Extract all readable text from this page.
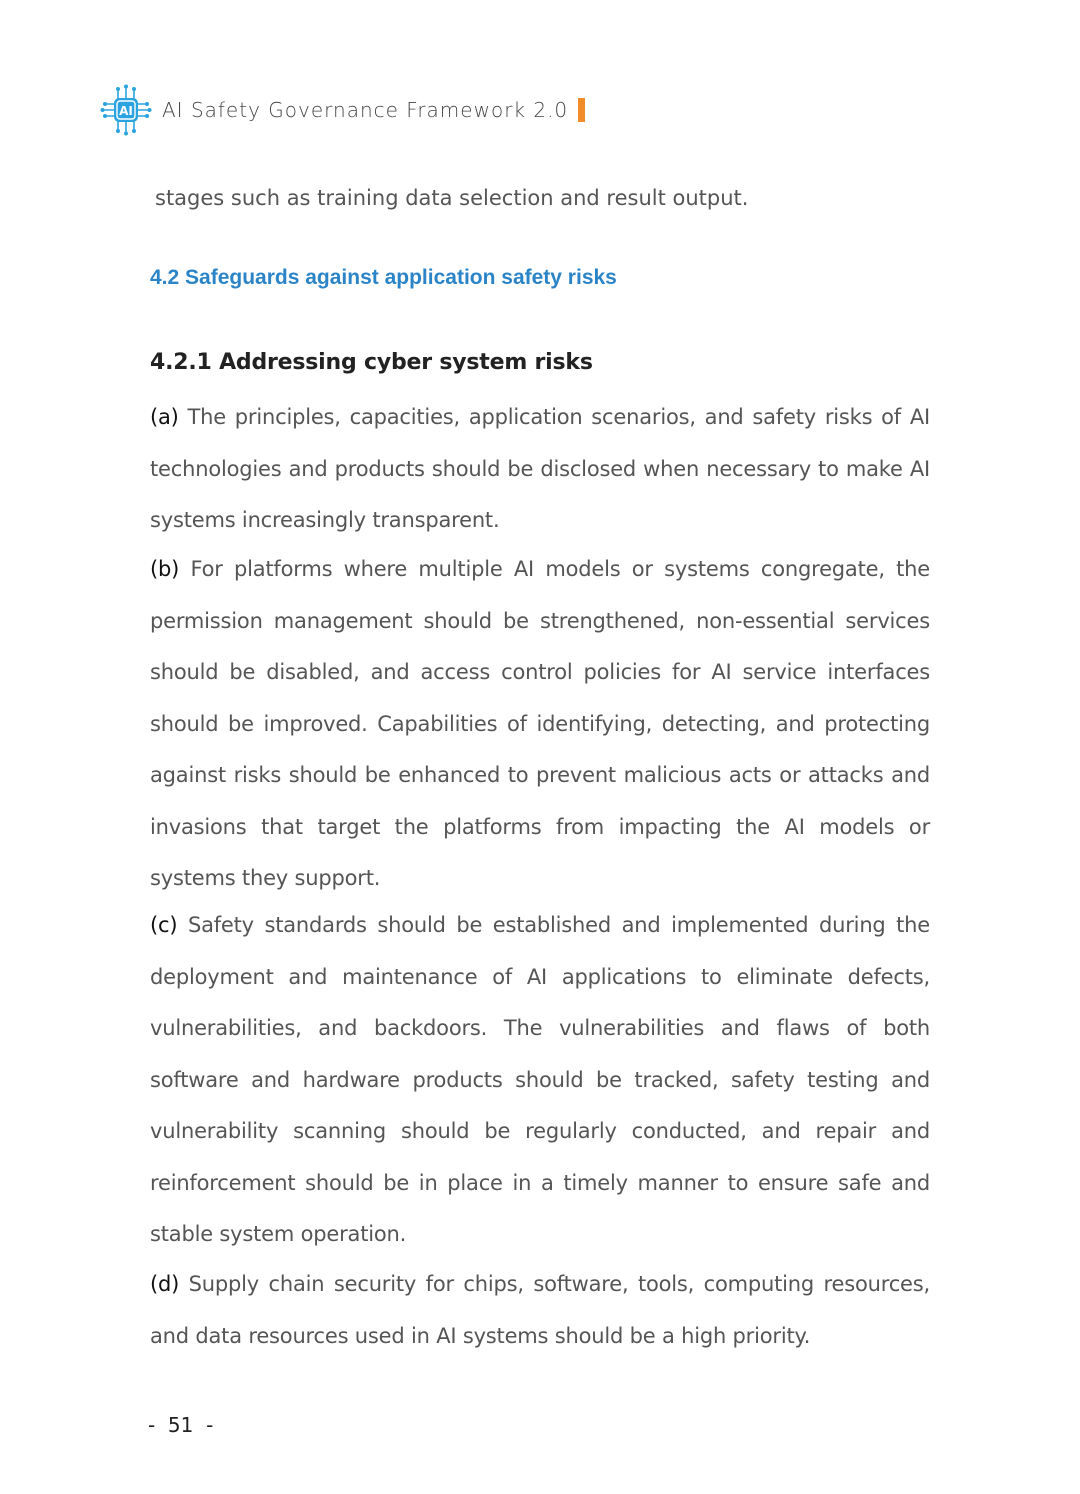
AI AI Safety Governance Framework 2.0
stages such as training data selection and result output.
4.2 Safeguards against application safety risks
4.2.1 Addressing cyber system risks
(a) The principles, capacities, application scenarios, and safety risks of AI technologies and products should be disclosed when necessary to make AI systems increasingly transparent.
(b) For platforms where multiple AI models or systems congregate, the permission management should be strengthened, non-essential services should be disabled, and access control policies for AI service interfaces should be improved. Capabilities of identifying, detecting, and protecting against risks should be enhanced to prevent malicious acts or attacks and invasions that target the platforms from impacting the AI models or systems they support.
(c) Safety standards should be established and implemented during the deployment and maintenance of AI applications to eliminate defects, vulnerabilities, and backdoors. The vulnerabilities and flaws of both software and hardware products should be tracked, safety testing and vulnerability scanning should be regularly conducted, and repair and reinforcement should be in place in a timely manner to ensure safe and stable system operation.
(d) Supply chain security for chips, software, tools, computing resources, and data resources used in AI systems should be a high priority.
-  51  -
